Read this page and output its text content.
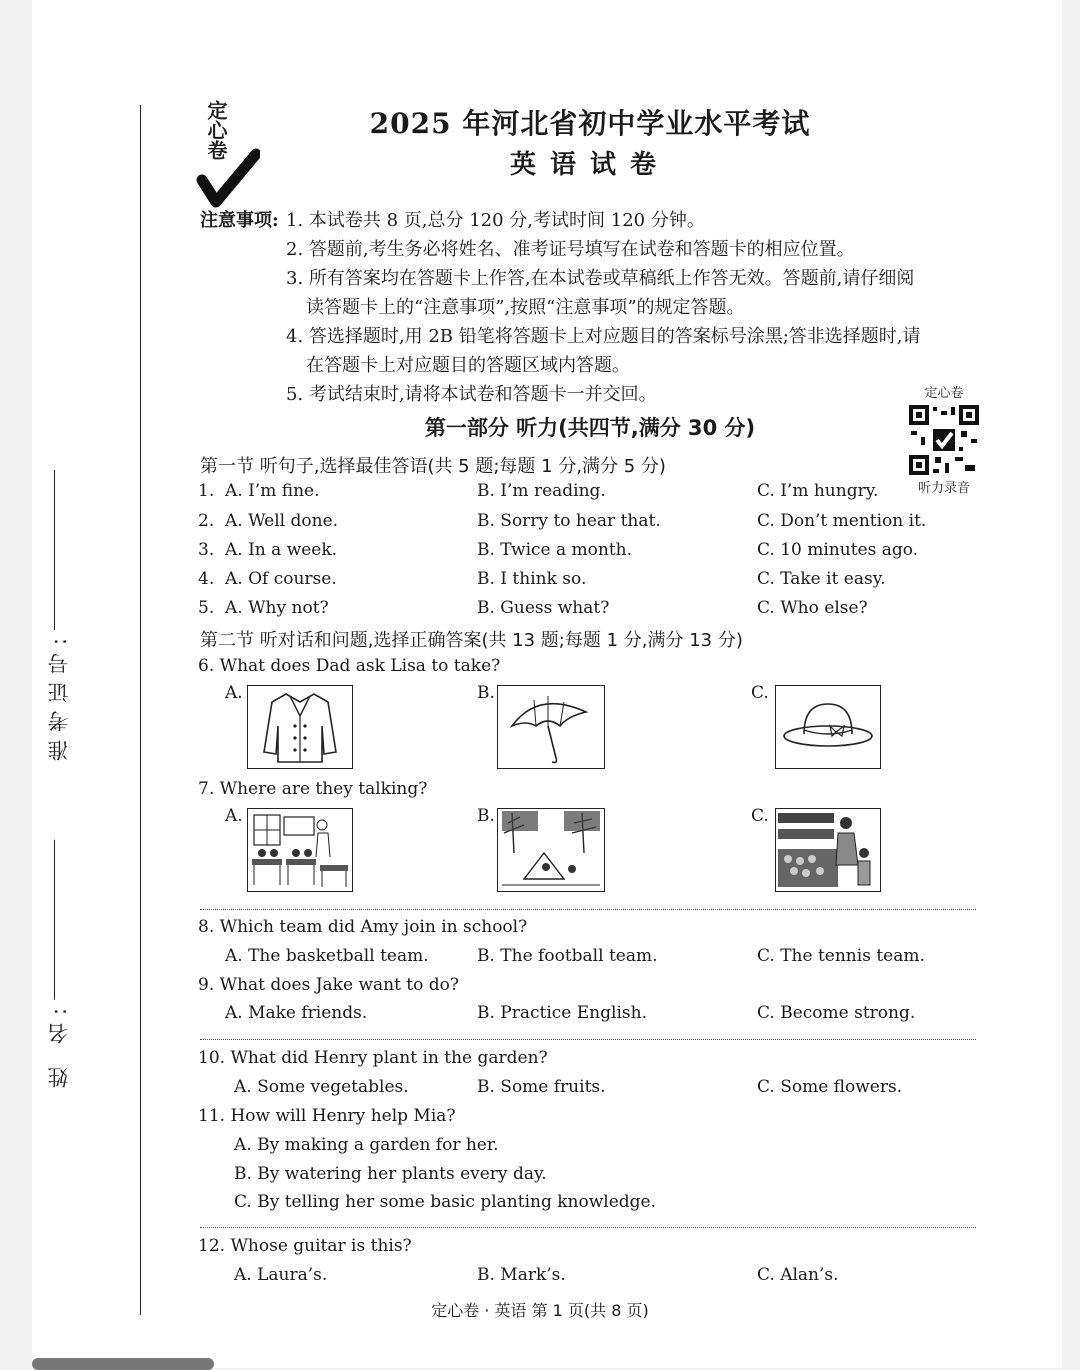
准考证号:
姓 名:
定心卷	2025 年河北省初中学业水平考试
英语试卷
注意事项: 1. 本试卷共 8 页,总分 120 分,考试时间 120 分钟。
2. 答题前,考生务必将姓名、准考证号填写在试卷和答题卡的相应位置。
3. 所有答案均在答题卡上作答,在本试卷或草稿纸上作答无效。答题前,请仔细阅
读答题卡上的“注意事项”,按照“注意事项”的规定答题。
4. 答选择题时,用 2B 铅笔将答题卡上对应题目的答案标号涂黑;答非选择题时,请
在答题卡上对应题目的答题区域内答题。
5. 考试结束时,请将本试卷和答题卡一并交回。	定心卷
听力录音
第一部分 听力(共四节,满分 30 分)
第一节 听句子,选择最佳答语(共 5 题;每题 1 分,满分 5 分)
1. A. I’m fine.	B. I’m reading.	C. I’m hungry.
2. A. Well done.	B. Sorry to hear that.	C. Don’t mention it.
3. A. In a week.	B. Twice a month.	C. 10 minutes ago.
4. A. Of course.	B. I think so.	C. Take it easy.
5. A. Why not?	B. Guess what?	C. Who else?
第二节 听对话和问题,选择正确答案(共 13 题;每题 1 分,满分 13 分)
6. What does Dad ask Lisa to take?
A.	B.	C.
7. Where are they talking?
A.	B.	C.
8. Which team did Amy join in school?
A. The basketball team.	B. The football team.	C. The tennis team.
9. What does Jake want to do?
A. Make friends.	B. Practice English.	C. Become strong.
10. What did Henry plant in the garden?
A. Some vegetables.	B. Some fruits.	C. Some flowers.
11. How will Henry help Mia?
A. By making a garden for her.
B. By watering her plants every day.
C. By telling her some basic planting knowledge.
12. Whose guitar is this?
A. Laura’s.	B. Mark’s.	C. Alan’s.
定心卷 · 英语 第 1 页(共 8 页)
